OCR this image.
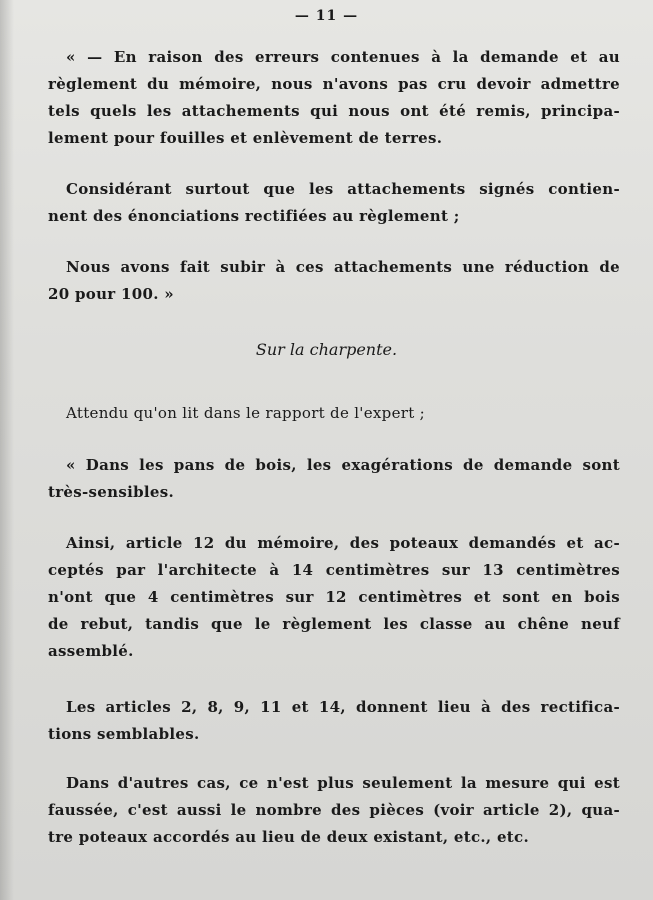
— 11 —
« — En raison des erreurs contenues à la demande et au
règlement du mémoire, nous n'avons pas cru devoir admettre
tels quels les attachements qui nous ont été remis, principa-
lement pour fouilles et enlèvement de terres.
Considérant surtout que les attachements signés contien-
nent des énonciations rectifiées au règlement ;
Nous avons fait subir à ces attachements une réduction de
20 pour 100. »
Sur la charpente.
Attendu qu'on lit dans le rapport de l'expert ;
« Dans les pans de bois, les exagérations de demande sont
très-sensibles.
Ainsi, article 12 du mémoire, des poteaux demandés et ac-
ceptés par l'architecte à 14 centimètres sur 13 centimètres
n'ont que 4 centimètres sur 12 centimètres et sont en bois
de rebut, tandis que le règlement les classe au chêne neuf
assemblé.
Les articles 2, 8, 9, 11 et 14, donnent lieu à des rectifica-
tions semblables.
Dans d'autres cas, ce n'est plus seulement la mesure qui est
faussée, c'est aussi le nombre des pièces (voir article 2), qua-
tre poteaux accordés au lieu de deux existant, etc., etc.
